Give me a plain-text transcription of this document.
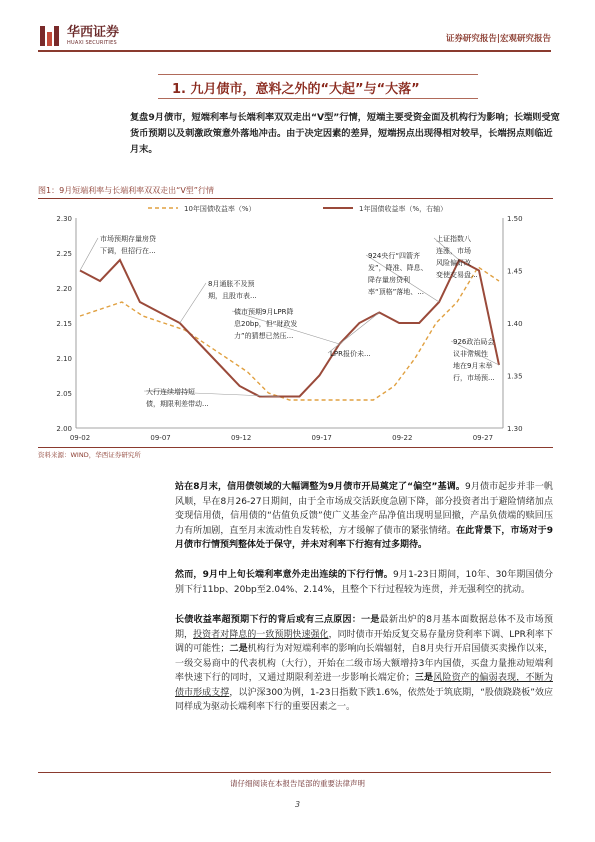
华西证券
HUAXI SECURITIES	证券研究报告|宏观研究报告
1. 九月债市，意料之外的“大起”与“大落”
复盘9月债市，短端利率与长端利率双双走出“V型”行情，短端主要受资金面及机构行为影响；长端则受宽货币预期以及刺激政策意外落地冲击。由于决定因素的差异，短端拐点出现得相对较早，长端拐点则临近月末。
图1：9月短端利率与长端利率双双走出“V型”行情
2.00
2.05
2.10
2.15
2.20
2.25
2.30
1.30
1.35
1.40
1.45
1.50
10年国债收益率（%）	1年国债收益率（%，右轴）
09-02	09-07	09-12	09-17	09-22	09-27
市场预期存量房贷
下调，但招行在...
8月通胀不及预
期，且股市表...
大行连续增持短
债，期限利差带动...
债市预期9月LPR降
息20bp，但“财政发
力”的猜想已然压...
LPR报价未...
924央行“四箭齐
发”，降准、降息、
降存量房贷利
率“顶格”落地、...
上证指数八
连涨，市场
风险偏好改
变使交易盘...
926政治局会
议非常规性
地在9月末举
行，市场预...
资料来源：WIND，华西证券研究所
站在8月末，信用债领域的大幅调整为9月债市开局奠定了“偏空”基调。9月债市起步并非一帆风顺，早在8月26-27日期间，由于全市场成交活跃度急剧下降，部分投资者出于避险情绪加点变现信用债，信用债的“估值负反馈”使广义基金产品净值出现明显回撤，产品负债端的赎回压力有所加剧，直至月末流动性自发转松，方才缓解了债市的紧张情绪。在此背景下，市场对于9月债市行情预判整体处于保守，并未对利率下行抱有过多期待。
然而，9月中上旬长端利率意外走出连续的下行行情。9月1-23日期间，10年、30年期国债分别下行11bp、20bp至2.04%、2.14%，且整个下行过程较为连贯，并无强利空的扰动。
长债收益率超预期下行的背后或有三点原因：一是最新出炉的8月基本面数据总体不及市场预期，投资者对降息的一致预期快速强化，同时债市开始反复交易存量房贷利率下调、LPR利率下调的可能性；二是机构行为对短端利率的影响向长端辐射，自8月央行开启国债买卖操作以来，一级交易商中的代表机构（大行），开始在二级市场大额增持3年内国债，买盘力量推动短端利率快速下行的同时，又通过期限利差进一步影响长端定价；三是风险资产的偏弱表现，不断为债市形成支撑，以沪深300为例，1-23日指数下跌1.6%，依然处于筑底期，“股债跷跷板”效应同样成为驱动长端利率下行的重要因素之一。
请仔细阅读在本报告尾部的重要法律声明
3
